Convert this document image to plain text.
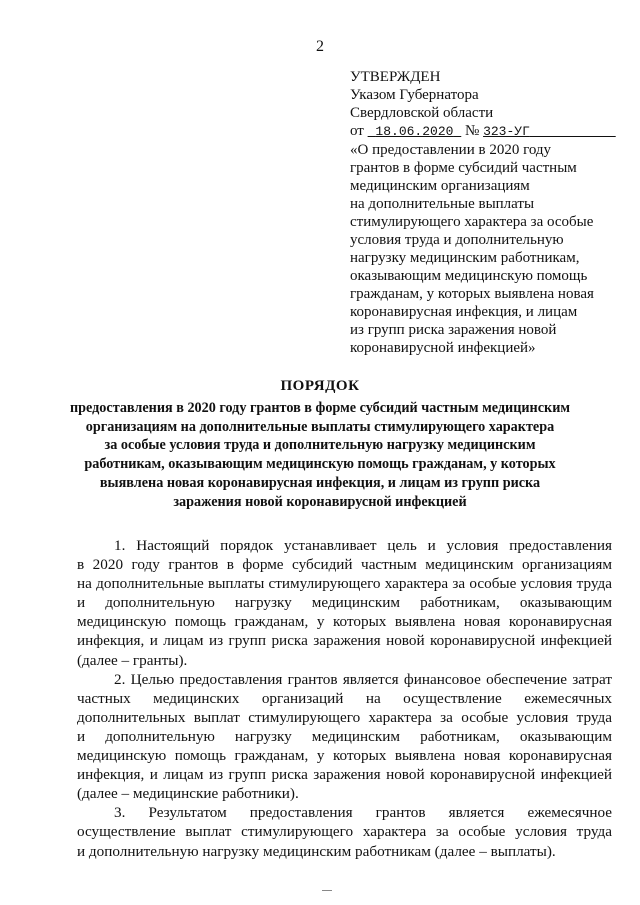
2
УТВЕРЖДЕН
Указом Губернатора
Свердловской области
от 18.06.2020 № 323-УГ
«О предоставлении в 2020 году
грантов в форме субсидий частным
медицинским организациям
на дополнительные выплаты
стимулирующего характера за особые
условия труда и дополнительную
нагрузку медицинским работникам,
оказывающим медицинскую помощь
гражданам, у которых выявлена новая
коронавирусная инфекция, и лицам
из групп риска заражения новой
коронавирусной инфекцией»
ПОРЯДОК
предоставления в 2020 году грантов в форме субсидий частным медицинским
организациям на дополнительные выплаты стимулирующего характера
за особые условия труда и дополнительную нагрузку медицинским
работникам, оказывающим медицинскую помощь гражданам, у которых
выявлена новая коронавирусная инфекция, и лицам из групп риска
заражения новой коронавирусной инфекцией
1. Настоящий порядок устанавливает цель и условия предоставления
в 2020 году грантов в форме субсидий частным медицинским организациям
на дополнительные выплаты стимулирующего характера за особые условия труда
и дополнительную нагрузку медицинским работникам, оказывающим
медицинскую помощь гражданам, у которых выявлена новая коронавирусная
инфекция, и лицам из групп риска заражения новой коронавирусной инфекцией
(далее – гранты).
2. Целью предоставления грантов является финансовое обеспечение затрат
частных медицинских организаций на осуществление ежемесячных
дополнительных выплат стимулирующего характера за особые условия труда
и дополнительную нагрузку медицинским работникам, оказывающим
медицинскую помощь гражданам, у которых выявлена новая коронавирусная
инфекция, и лицам из групп риска заражения новой коронавирусной инфекцией
(далее – медицинские работники).
3. Результатом предоставления грантов является ежемесячное
осуществление выплат стимулирующего характера за особые условия труда
и дополнительную нагрузку медицинским работникам (далее – выплаты).
